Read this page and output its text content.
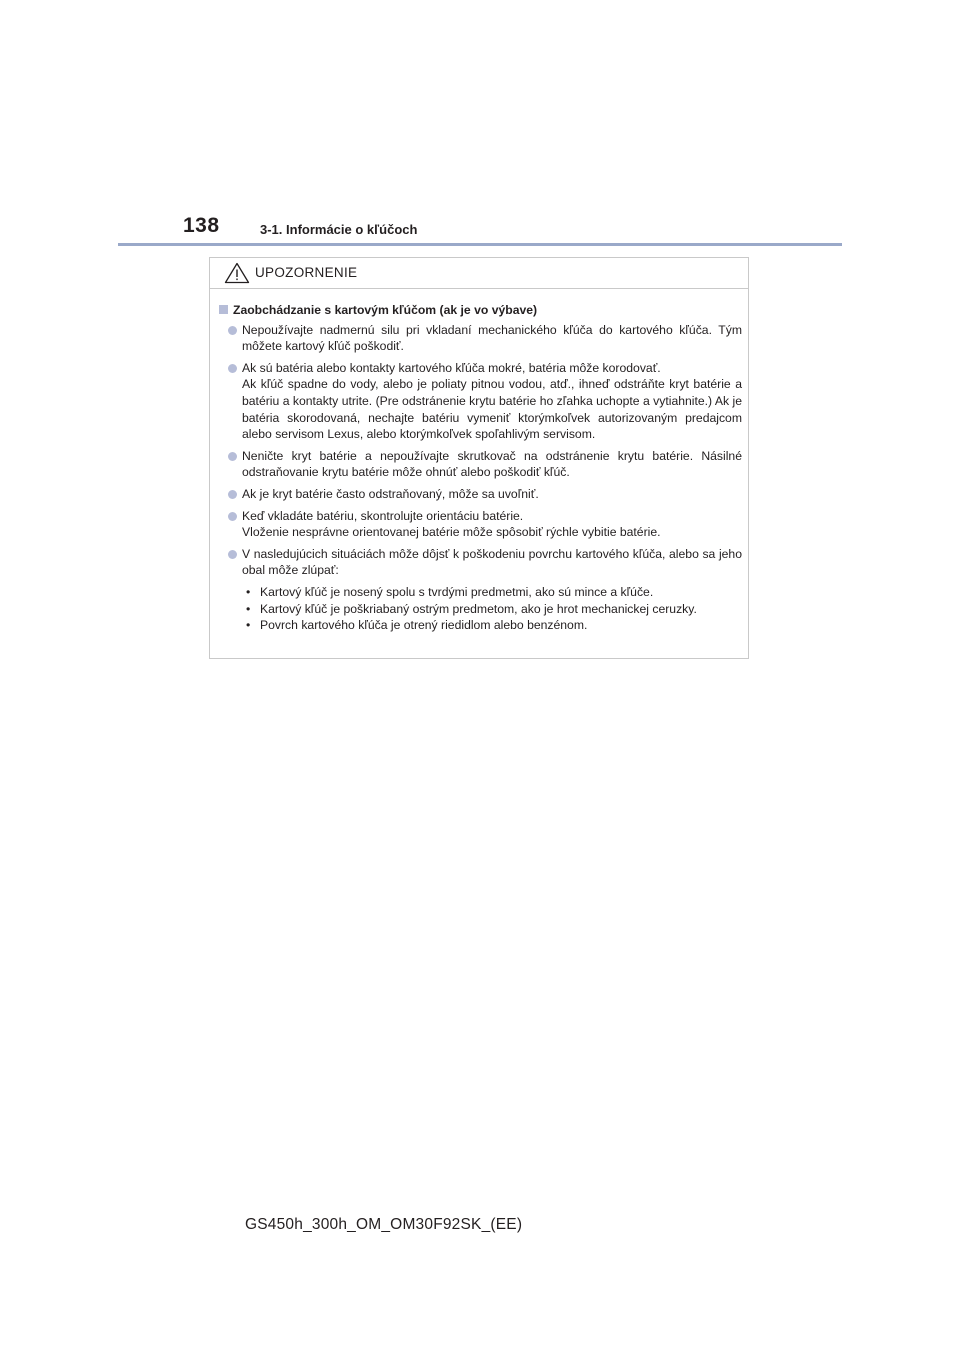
138	3-1. Informácie o kľúčoch
UPOZORNENIE
Zaobchádzanie s kartovým kľúčom (ak je vo výbave)

Nepoužívajte nadmernú silu pri vkladaní mechanického kľúča do kartového kľúča. Tým môžete kartový kľúč poškodiť.

Ak sú batéria alebo kontakty kartového kľúča mokré, batéria môže korodovať.

Ak kľúč spadne do vody, alebo je poliaty pitnou vodou, atď., ihneď odstráňte kryt batérie a batériu a kontakty utrite. (Pre odstránenie krytu batérie ho zľahka uchopte a vytiahnite.) Ak je batéria skorodovaná, nechajte batériu vymeniť ktorýmkoľvek autorizovaným predajcom alebo servisom Lexus, alebo ktorýmkoľvek spoľahlivým servisom.

Neničte kryt batérie a nepoužívajte skrutkovač na odstránenie krytu batérie. Násilné odstraňovanie krytu batérie môže ohnúť alebo poškodiť kľúč.

Ak je kryt batérie často odstraňovaný, môže sa uvoľniť.

Keď vkladáte batériu, skontrolujte orientáciu batérie.

Vloženie nesprávne orientovanej batérie môže spôsobiť rýchle vybitie batérie.

V nasledujúcich situáciách môže dôjsť k poškodeniu povrchu kartového kľúča, alebo sa jeho obal môže zlúpať:

• Kartový kľúč je nosený spolu s tvrdými predmetmi, ako sú mince a kľúče.
• Kartový kľúč je poškriabaný ostrým predmetom, ako je hrot mechanickej ceruzky.
• Povrch kartového kľúča je otrený riedidlom alebo benzénom.
GS450h_300h_OM_OM30F92SK_(EE)
